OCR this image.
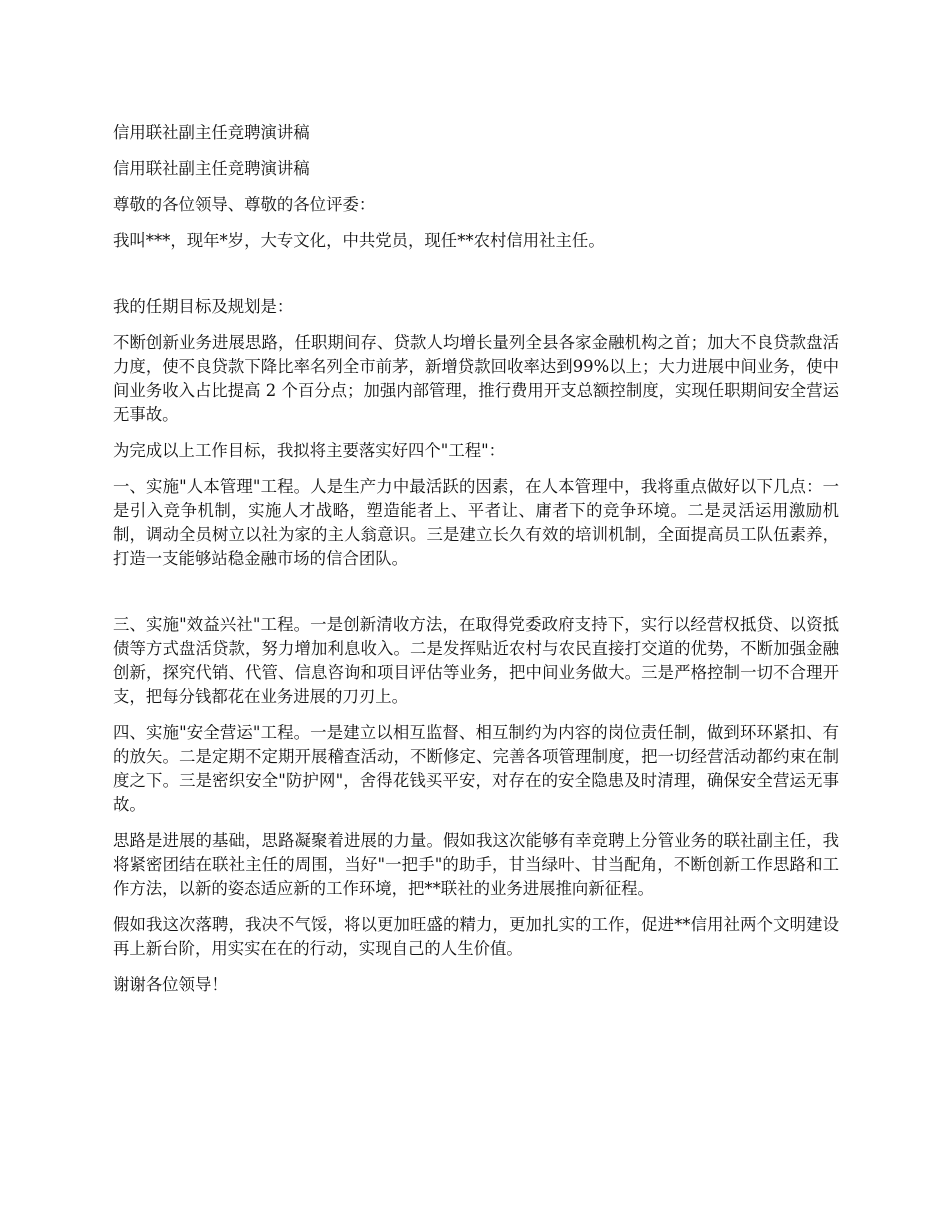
信用联社副主任竞聘演讲稿

信用联社副主任竞聘演讲稿

尊敬的各位领导、尊敬的各位评委：

我叫***，现年*岁，大专文化，中共党员，现任**农村信用社主任。

我的任期目标及规划是：

不断创新业务进展思路，任职期间存、贷款人均增长量列全县各家金融机构之首；加大不良贷款盘活力度，使不良贷款下降比率名列全市前茅，新增贷款回收率达到99%以上；大力进展中间业务，使中间业务收入占比提高 2 个百分点；加强内部管理，推行费用开支总额控制度，实现任职期间安全营运无事故。

为完成以上工作目标，我拟将主要落实好四个"工程"：

一、实施"人本管理"工程。人是生产力中最活跃的因素，在人本管理中，我将重点做好以下几点：一是引入竞争机制，实施人才战略，塑造能者上、平者让、庸者下的竞争环境。二是灵活运用激励机制，调动全员树立以社为家的主人翁意识。三是建立长久有效的培训机制，全面提高员工队伍素养，打造一支能够站稳金融市场的信合团队。

三、实施"效益兴社"工程。一是创新清收方法，在取得党委政府支持下，实行以经营权抵贷、以资抵债等方式盘活贷款，努力增加利息收入。二是发挥贴近农村与农民直接打交道的优势，不断加强金融创新，探究代销、代管、信息咨询和项目评估等业务，把中间业务做大。三是严格控制一切不合理开支，把每分钱都花在业务进展的刀刃上。

四、实施"安全营运"工程。一是建立以相互监督、相互制约为内容的岗位责任制，做到环环紧扣、有的放矢。二是定期不定期开展稽查活动，不断修定、完善各项管理制度，把一切经营活动都约束在制度之下。三是密织安全"防护网"，舍得花钱买平安，对存在的安全隐患及时清理，确保安全营运无事故。

思路是进展的基础，思路凝聚着进展的力量。假如我这次能够有幸竞聘上分管业务的联社副主任，我将紧密团结在联社主任的周围，当好"一把手"的助手，甘当绿叶、甘当配角，不断创新工作思路和工作方法，以新的姿态适应新的工作环境，把**联社的业务进展推向新征程。

假如我这次落聘，我决不气馁，将以更加旺盛的精力，更加扎实的工作，促进**信用社两个文明建设再上新台阶，用实实在在的行动，实现自己的人生价值。

谢谢各位领导！
